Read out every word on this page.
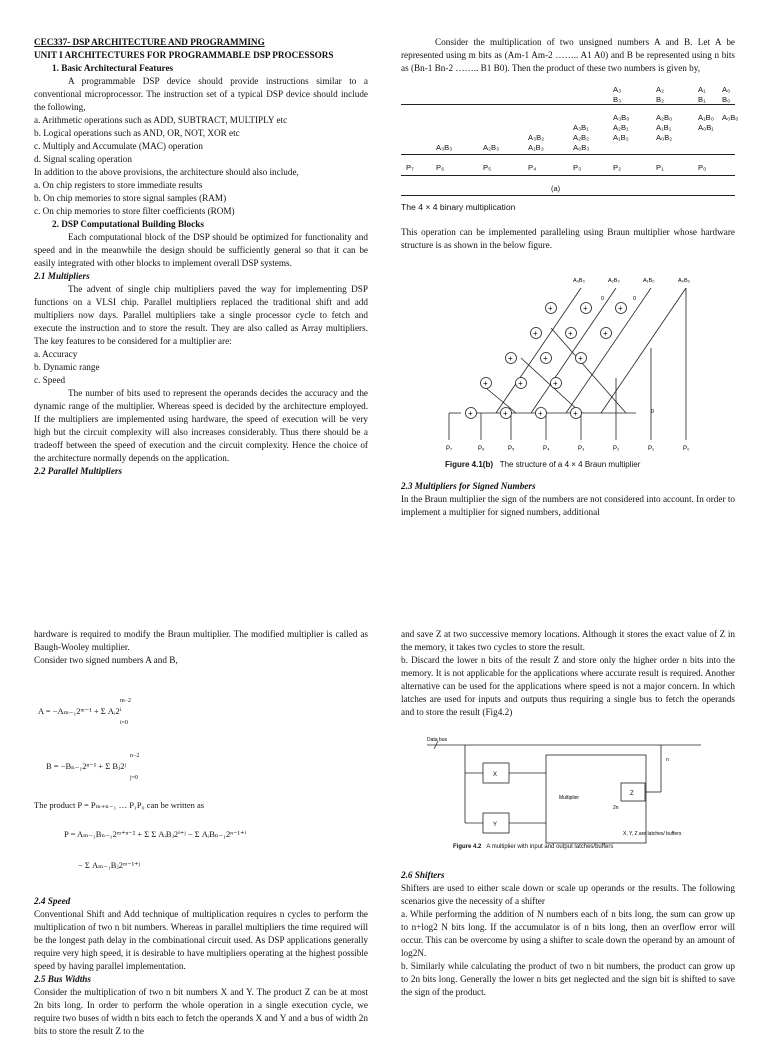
CEC337- DSP ARCHITECTURE AND PROGRAMMING

UNIT I ARCHITECTURES FOR PROGRAMMABLE DSP PROCESSORS

1. Basic Architectural Features

A programmable DSP device should provide instructions similar to a conventional microprocessor. The instruction set of a typical DSP device should include the following,

a. Arithmetic operations such as ADD, SUBTRACT, MULTIPLY etc

b. Logical operations such as AND, OR, NOT, XOR etc

c. Multiply and Accumulate (MAC) operation

d. Signal scaling operation

In addition to the above provisions, the architecture should also include,

a. On chip registers to store immediate results

b. On chip memories to store signal samples (RAM)

c. On chip memories to store filter coefficients (ROM)

2. DSP Computational Building Blocks

Each computational block of the DSP should be optimized for functionality and speed and in the meanwhile the design should be sufficiently general so that it can be easily integrated with other blocks to implement overall DSP systems.

2.1 Multipliers

The advent of single chip multipliers paved the way for implementing DSP functions on a VLSI chip. Parallel multipliers replaced the traditional shift and add multipliers now days. Parallel multipliers take a single processor cycle to fetch and execute the instruction and to store the result. They are also called as Array multipliers. The key features to be considered for a multiplier are:

a. Accuracy

b. Dynamic range

c. Speed

The number of bits used to represent the operands decides the accuracy and the dynamic range of the multiplier. Whereas speed is decided by the architecture employed. If the multipliers are implemented using hardware, the speed of execution will be very high but the circuit complexity will also increases considerably. Thus there should be a tradeoff between the speed of execution and the circuit complexity. Hence the choice of the architecture normally depends on the application.

2.2 Parallel Multipliers

Consider the multiplication of two unsigned numbers A and B. Let A be represented using m bits as (Am-1 Am-2 …….. A1 A0) and B be represented using n bits as (Bn-1 Bn-2 …….. B1 B0). Then the product of these two numbers is given by,

A₃	A₂	A₁ A₀
B₃	B₂	B₁ B₀
A₃B₀	A₂B₀	A₁B₀ A₀B₀
A₃B₁	A₂B₁	A₁B₁	A₀B₁
A₃B₂	A₂B₂	A₁B₂	A₀B₂
A₃B₃	A₂B₃	A₁B₃	A₀B₃
P₇	P₆	P₅	P₄	P₃	P₂	P₁	P₀
(a)

The 4 × 4 binary multiplication

This operation can be implemented paralleling using Braun multiplier whose hardware structure is as shown in the below figure.

+	+	+
+	+	+
+	+	+
+	+	+
+	+	+	+
A₃B₀	A₂B₀	A₁B₀	A₀B₀
P₇	P₆	P₅	P₄	P₃	P₂	P₁	P₀
0	0
0
Figure 4.1(b) The structure of a 4 × 4 Braun multiplier

2.3 Multipliers for Signed Numbers

In the Braun multiplier the sign of the numbers are not considered into account. In order to implement a multiplier for signed numbers, additional

hardware is required to modify the Braun multiplier. The modified multiplier is called as Baugh-Wooley multiplier.

Consider two signed numbers A and B,

A = −Aₘ₋₁2ᵐ⁻¹ + Σ Aᵢ2ⁱ
m−2
i=0
B = −Bₙ₋₁2ⁿ⁻¹ + Σ Bⱼ2ʲ
n−2
j=0
The product P = Pₘ₊ₙ₋₁ … P₁P₀ can be written as
P = Aₘ₋₁Bₙ₋₁2ᵐ⁺ⁿ⁻² + Σ Σ AᵢBⱼ2ⁱ⁺ʲ − Σ AᵢBₙ₋₁2ⁿ⁻¹⁺ⁱ
− Σ Aₘ₋₁Bⱼ2ᵐ⁻¹⁺ʲ

2.4 Speed

Conventional Shift and Add technique of multiplication requires n cycles to perform the multiplication of two n bit numbers. Whereas in parallel multipliers the time required will be the longest path delay in the combinational circuit used. As DSP applications generally require very high speed, it is desirable to have multipliers operating at the highest possible speed by having parallel implementation.

2.5 Bus Widths

Consider the multiplication of two n bit numbers X and Y. The product Z can be at most 2n bits long. In order to perform the whole operation in a single execution cycle, we require two buses of width n bits each to fetch the operands X and Y and a bus of width 2n bits to store the result Z to the

and save Z at two successive memory locations. Although it stores the exact value of Z in the memory, it takes two cycles to store the result.

b. Discard the lower n bits of the result Z and store only the higher order n bits into the memory. It is not applicable for the applications where accurate result is required. Another alternative can be used for the applications where speed is not a major concern. In which latches are used for inputs and outputs thus requiring a single bus to fetch the operands and to store the result (Fig4.2)

Data bus
n
X
Y
Multiplier
Z
2n
X, Y, Z are latches/ buffers
Figure 4.2 A multiplier with input and output latches/buffers

2.6 Shifters

Shifters are used to either scale down or scale up operands or the results. The following scenarios give the necessity of a shifter

a. While performing the addition of N numbers each of n bits long, the sum can grow up to n+log2 N bits long. If the accumulator is of n bits long, then an overflow error will occur. This can be overcome by using a shifter to scale down the operand by an amount of log2N.

b. Similarly while calculating the product of two n bit numbers, the product can grow up to 2n bits long. Generally the lower n bits get neglected and the sign bit is shifted to save the sign of the product.
